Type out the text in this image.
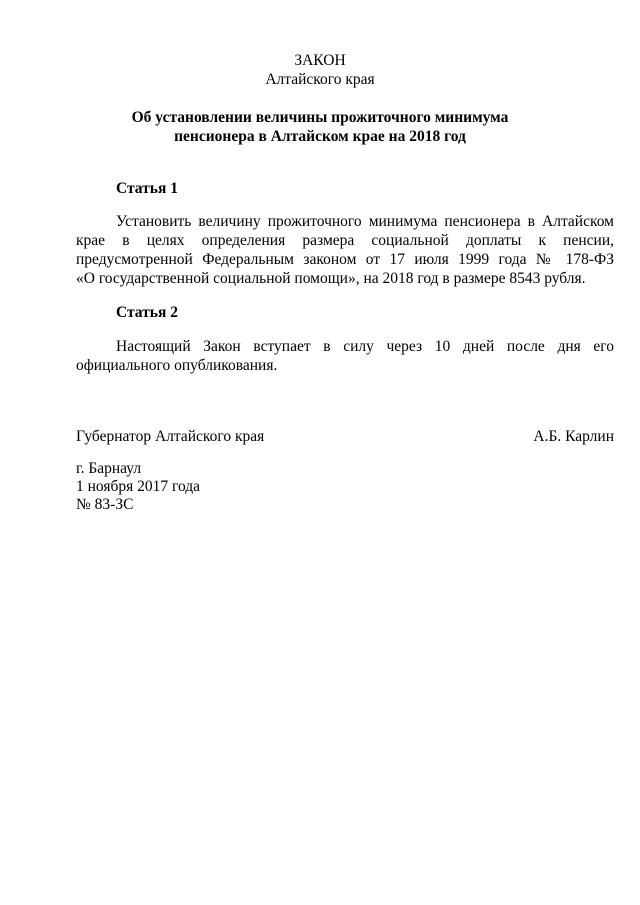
ЗАКОН
Алтайского края
Об установлении величины прожиточного минимума
пенсионера в Алтайском крае на 2018 год
Статья 1
Установить величину прожиточного минимума пенсионера в Алтайском
крае в целях определения размера социальной доплаты к пенсии,
предусмотренной Федеральным законом от 17 июля 1999 года № 178-ФЗ
«О государственной социальной помощи», на 2018 год в размере 8543 рубля.
Статья 2
Настоящий Закон вступает в силу через 10 дней после дня его
официального опубликования.
Губернатор Алтайского края	А.Б. Карлин
г. Барнаул
1 ноября 2017 года
№ 83-ЗС
